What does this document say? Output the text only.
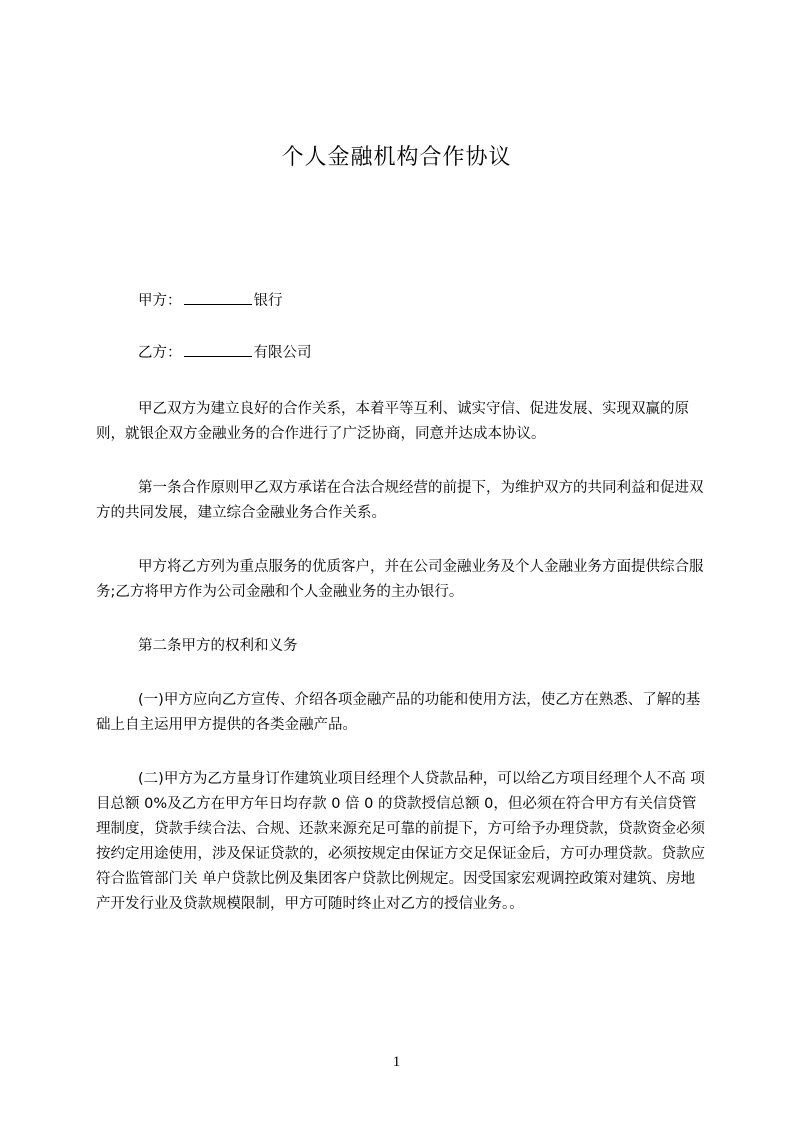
个人金融机构合作协议
甲方：	银行
乙方：	有限公司

甲乙双方为建立良好的合作关系，本着平等互利、诚实守信、促进发展、实现双赢的原则，就银企双方金融业务的合作进行了广泛协商，同意并达成本协议。

第一条合作原则甲乙双方承诺在合法合规经营的前提下，为维护双方的共同利益和促进双方的共同发展，建立综合金融业务合作关系。

甲方将乙方列为重点服务的优质客户，并在公司金融业务及个人金融业务方面提供综合服务;乙方将甲方作为公司金融和个人金融业务的主办银行。

第二条甲方的权利和义务

(一)甲方应向乙方宣传、介绍各项金融产品的功能和使用方法，使乙方在熟悉、了解的基础上自主运用甲方提供的各类金融产品。

(二)甲方为乙方量身订作建筑业项目经理个人贷款品种，可以给乙方项目经理个人不高 项目总额 0%及乙方在甲方年日均存款 0 倍 0 的贷款授信总额 0，但必须在符合甲方有关信贷管理制度，贷款手续合法、合规、还款来源充足可靠的前提下，方可给予办理贷款，贷款资金必须按约定用途使用，涉及保证贷款的，必须按规定由保证方交足保证金后，方可办理贷款。贷款应符合监管部门关 单户贷款比例及集团客户贷款比例规定。因受国家宏观调控政策对建筑、房地产开发行业及贷款规模限制，甲方可随时终止对乙方的授信业务。。

1
